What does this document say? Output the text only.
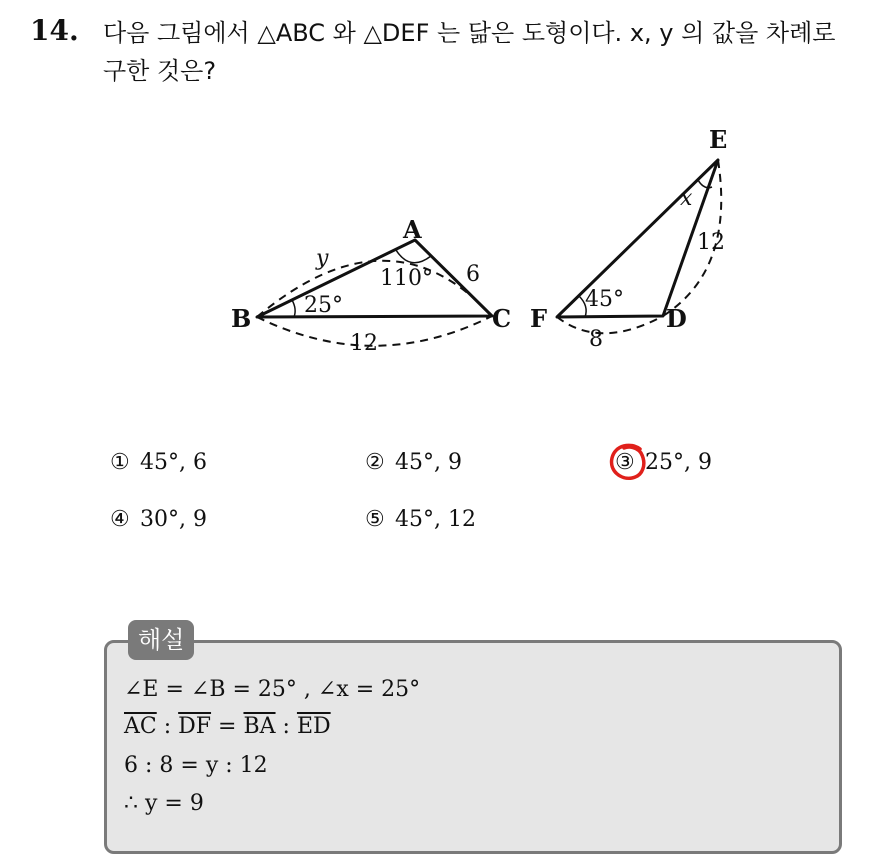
14. 다음 그림에서 △ABC 와 △DEF 는 닮은 도형이다. x, y 의 값을 차례로
구한 것은?
A
B	C
25°
110°
y
6
12
E
F	D
45°
x
12
8
① 45°, 6	② 45°, 9	③ 25°, 9
④ 30°, 9	⑤ 45°, 12
해설
∠E = ∠B = 25° , ∠x = 25°
$\overline{AC}$ : $\overline{DF} = \overline{BA}$ : $\overline{ED}$
6 : 8 = y : 12
∴ y = 9
